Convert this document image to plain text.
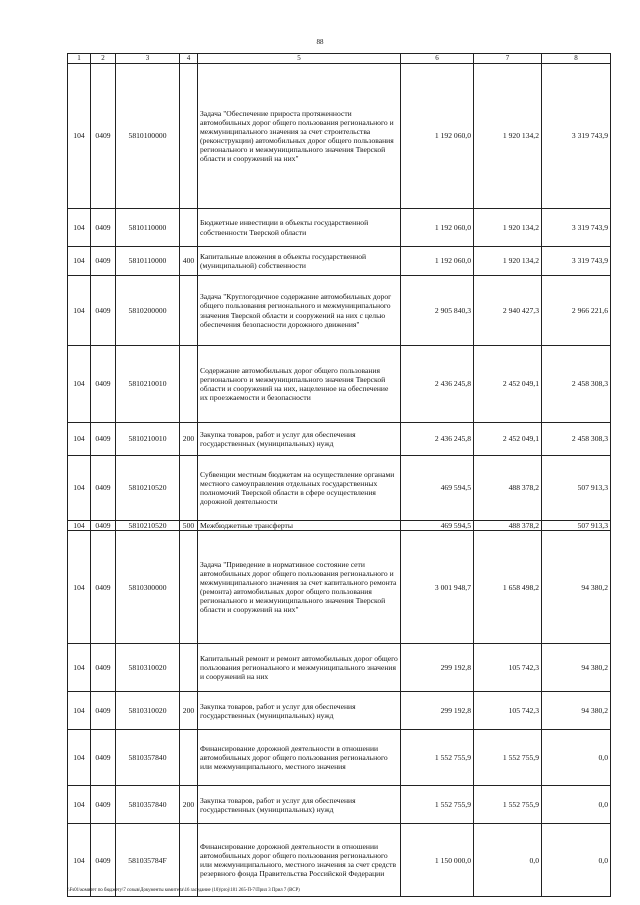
88
1	2	3	4	5	6	7	8
104	0409	5810100000		Задача "Обеспечение прироста протяженности автомобильных дорог общего пользования регионального и межмуниципального значения за счет строительства (реконструкции) автомобильных дорог общего пользования регионального и межмуниципального значения Тверской области и сооружений на них"	1 192 060,0	1 920 134,2	3 319 743,9
104	0409	5810110000		Бюджетные инвестиции в объекты государственной собственности Тверской области	1 192 060,0	1 920 134,2	3 319 743,9
104	0409	5810110000	400	Капитальные вложения в объекты государственной (муниципальной) собственности	1 192 060,0	1 920 134,2	3 319 743,9
104	0409	5810200000		Задача "Круглогодичное содержание автомобильных дорог общего пользования регионального и межмуниципального значения Тверской области и сооружений на них с целью обеспечения безопасности дорожного движения"	2 905 840,3	2 940 427,3	2 966 221,6
104	0409	5810210010		Содержание автомобильных дорог общего пользования регионального и межмуниципального значения Тверской области и сооружений на них, нацеленное на обеспечение их проезжаемости и безопасности	2 436 245,8	2 452 049,1	2 458 308,3
104	0409	5810210010	200	Закупка товаров, работ и услуг для обеспечения государственных (муниципальных) нужд	2 436 245,8	2 452 049,1	2 458 308,3
104	0409	5810210520		Субвенции местным бюджетам на осуществление органами местного самоуправления отдельных государственных полномочий Тверской области в сфере осуществления дорожной деятельности	469 594,5	488 378,2	507 913,3
104	0409	5810210520	500	Межбюджетные трансферты	469 594,5	488 378,2	507 913,3
104	0409	5810300000		Задача "Приведение в нормативное состояние сети автомобильных дорог общего пользования регионального и межмуниципального значения за счет капитального ремонта (ремонта) автомобильных дорог общего пользования регионального и межмуниципального значения Тверской области и сооружений на них"	3 001 948,7	1 658 498,2	94 380,2
104	0409	5810310020		Капитальный ремонт и ремонт автомобильных дорог общего пользования регионального и межмуниципального значения и сооружений на них	299 192,8	105 742,3	94 380,2
104	0409	5810310020	200	Закупка товаров, работ и услуг для обеспечения государственных (муниципальных) нужд	299 192,8	105 742,3	94 380,2
104	0409	5810357840		Финансирование дорожной деятельности в отношении автомобильных дорог общего пользования регионального или межмуниципального, местного значения	1 552 755,9	1 552 755,9	0,0
104	0409	5810357840	200	Закупка товаров, работ и услуг для обеспечения государственных (муниципальных) нужд	1 552 755,9	1 552 755,9	0,0
104	0409	581035784F		Финансирование дорожной деятельности в отношении автомобильных дорог общего пользования регионального или межмуниципального, местного значения за счет средств резервного фонда Правительства Российской Федерации	1 150 000,0	0,0	0,0
\\Fs01\комитет по бюджету\7 созыв\Документы комитета\16 заседание (10)\proj\181 265-П-7\Прил 3 Прил 7 (ВСР)
